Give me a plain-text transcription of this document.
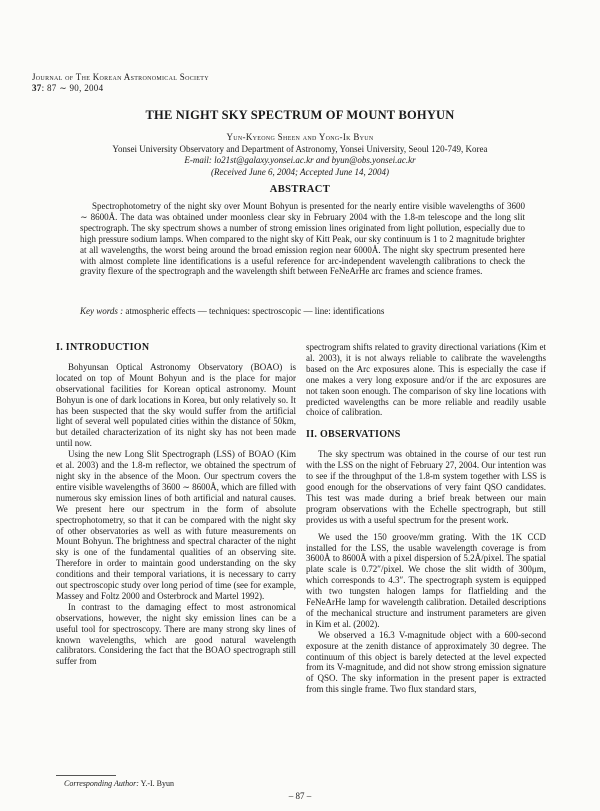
Journal of The Korean Astronomical Society
37: 87 ∼ 90, 2004
THE NIGHT SKY SPECTRUM OF MOUNT BOHYUN
Yun-Kyeong Sheen and Yong-Ik Byun
Yonsei University Observatory and Department of Astronomy, Yonsei University, Seoul 120-749, Korea
E-mail: lo21st@galaxy.yonsei.ac.kr and byun@obs.yonsei.ac.kr
(Received June 6, 2004; Accepted June 14, 2004)
ABSTRACT
Spectrophotometry of the night sky over Mount Bohyun is presented for the nearly entire visible wavelengths of 3600 ∼ 8600Å. The data was obtained under moonless clear sky in February 2004 with the 1.8-m telescope and the long slit spectrograph. The sky spectrum shows a number of strong emission lines originated from light pollution, especially due to high pressure sodium lamps. When compared to the night sky of Kitt Peak, our sky continuum is 1 to 2 magnitude brighter at all wavelengths, the worst being around the broad emission region near 6000Å. The night sky spectrum presented here with almost complete line identifications is a useful reference for arc-independent wavelength calibrations to check the gravity flexure of the spectrograph and the wavelength shift between FeNeArHe arc frames and science frames.
Key words : atmospheric effects — techniques: spectroscopic — line: identifications
I. INTRODUCTION

Bohyunsan Optical Astronomy Observatory (BOAO) is located on top of Mount Bohyun and is the place for major observational facilities for Korean optical astronomy. Mount Bohyun is one of dark locations in Korea, but only relatively so. It has been suspected that the sky would suffer from the artificial light of several well populated cities within the distance of 50km, but detailed characterization of its night sky has not been made until now.

Using the new Long Slit Spectrograph (LSS) of BOAO (Kim et al. 2003) and the 1.8-m reflector, we obtained the spectrum of night sky in the absence of the Moon. Our spectrum covers the entire visible wavelengths of 3600 ∼ 8600Å, which are filled with numerous sky emission lines of both artificial and natural causes. We present here our spectrum in the form of absolute spectrophotometry, so that it can be compared with the night sky of other observatories as well as with future measurements on Mount Bohyun. The brightness and spectral character of the night sky is one of the fundamental qualities of an observing site. Therefore in order to maintain good understanding on the sky conditions and their temporal variations, it is necessary to carry out spectroscopic study over long period of time (see for example, Massey and Foltz 2000 and Osterbrock and Martel 1992).

In contrast to the damaging effect to most astronomical observations, however, the night sky emission lines can be a useful tool for spectroscopy. There are many strong sky lines of known wavelengths, which are good natural wavelength calibrators. Considering the fact that the BOAO spectrograph still suffer from

spectrogram shifts related to gravity directional variations (Kim et al. 2003), it is not always reliable to calibrate the wavelengths based on the Arc exposures alone. This is especially the case if one makes a very long exposure and/or if the arc exposures are not taken soon enough. The comparison of sky line locations with predicted wavelengths can be more reliable and readily usable choice of calibration.

II. OBSERVATIONS

The sky spectrum was obtained in the course of our test run with the LSS on the night of February 27, 2004. Our intention was to see if the throughput of the 1.8-m system together with LSS is good enough for the observations of very faint QSO candidates. This test was made during a brief break between our main program observations with the Echelle spectrograph, but still provides us with a useful spectrum for the present work.

We used the 150 groove/mm grating. With the 1K CCD installed for the LSS, the usable wavelength coverage is from 3600Å to 8600Å with a pixel dispersion of 5.2Å/pixel. The spatial plate scale is 0.72″/pixel. We chose the slit width of 300μm, which corresponds to 4.3″. The spectrograph system is equipped with two tungsten halogen lamps for flatfielding and the FeNeArHe lamp for wavelength calibration. Detailed descriptions of the mechanical structure and instrument parameters are given in Kim et al. (2002).

We observed a 16.3 V-magnitude object with a 600-second exposure at the zenith distance of approximately 30 degree. The continuum of this object is barely detected at the level expected from its V-magnitude, and did not show strong emission signature of QSO. The sky information in the present paper is extracted from this single frame. Two flux standard stars,

Corresponding Author: Y.-I. Byun
– 87 –
